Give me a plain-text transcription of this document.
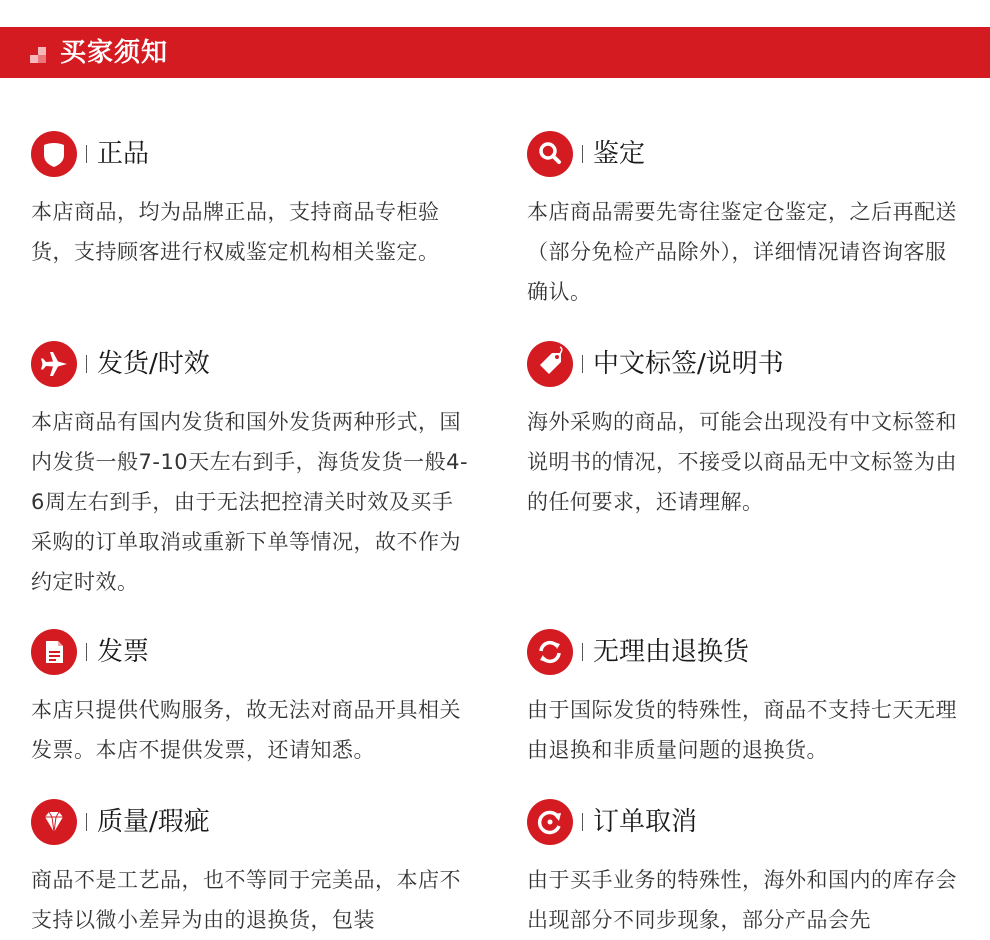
买家须知
正品
本店商品，均为品牌正品，支持商品专柜验货，支持顾客进行权威鉴定机构相关鉴定。
鉴定
本店商品需要先寄往鉴定仓鉴定，之后再配送（部分免检产品除外），详细情况请咨询客服确认。
发货/时效
本店商品有国内发货和国外发货两种形式，国内发货一般7-10天左右到手，海货发货一般4-6周左右到手，由于无法把控清关时效及买手采购的订单取消或重新下单等情况，故不作为约定时效。
中文标签/说明书
海外采购的商品，可能会出现没有中文标签和说明书的情况，不接受以商品无中文标签为由的任何要求，还请理解。
发票
本店只提供代购服务，故无法对商品开具相关发票。本店不提供发票，还请知悉。
无理由退换货
由于国际发货的特殊性，商品不支持七天无理由退换和非质量问题的退换货。
质量/瑕疵
商品不是工艺品，也不等同于完美品，本店不支持以微小差异为由的退换货，包装
订单取消
由于买手业务的特殊性，海外和国内的库存会出现部分不同步现象，部分产品会先
